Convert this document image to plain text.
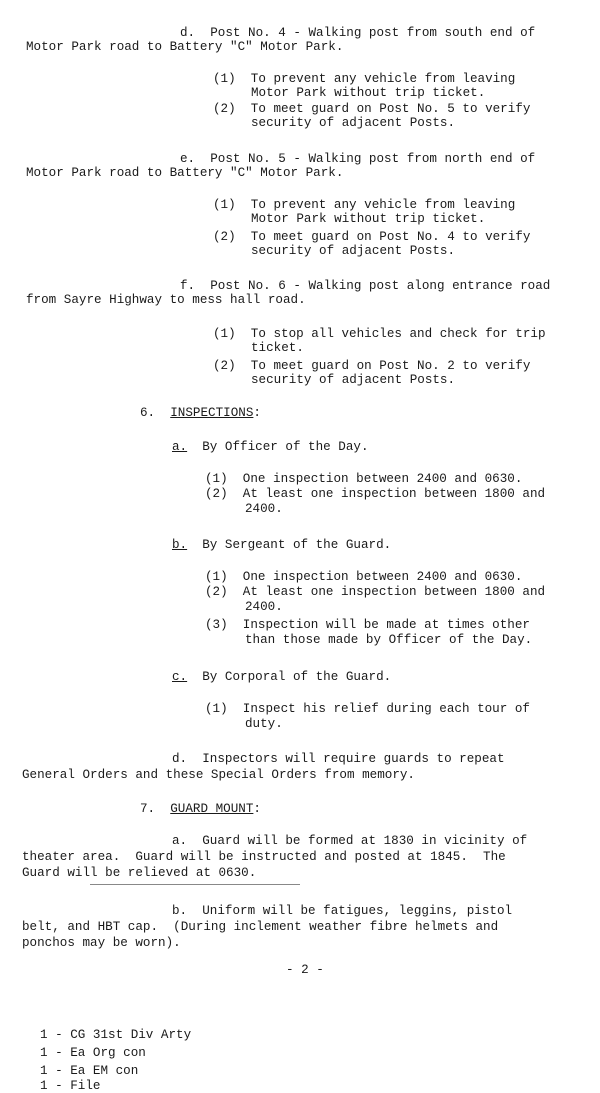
d.  Post No. 4 - Walking post from south end of
Motor Park road to Battery "C" Motor Park.
(1)  To prevent any vehicle from leaving
Motor Park without trip ticket.
(2)  To meet guard on Post No. 5 to verify
security of adjacent Posts.
e.  Post No. 5 - Walking post from north end of
Motor Park road to Battery "C" Motor Park.
(1)  To prevent any vehicle from leaving
Motor Park without trip ticket.
(2)  To meet guard on Post No. 4 to verify
security of adjacent Posts.
f.  Post No. 6 - Walking post along entrance road
from Sayre Highway to mess hall road.
(1)  To stop all vehicles and check for trip
ticket.
(2)  To meet guard on Post No. 2 to verify
security of adjacent Posts.
6. INSPECTIONS:
a. By Officer of the Day.
(1)  One inspection between 2400 and 0630.
(2)  At least one inspection between 1800 and
2400.
b. By Sergeant of the Guard.
(1)  One inspection between 2400 and 0630.
(2)  At least one inspection between 1800 and
2400.
(3)  Inspection will be made at times other
than those made by Officer of the Day.
c. By Corporal of the Guard.
(1)  Inspect his relief during each tour of
duty.
d.  Inspectors will require guards to repeat
General Orders and these Special Orders from memory.
7. GUARD MOUNT:
a.  Guard will be formed at 1830 in vicinity of
theater area.  Guard will be instructed and posted at 1845.  The
Guard will be relieved at 0630.
b.  Uniform will be fatigues, leggins, pistol
belt, and HBT cap.  (During inclement weather fibre helmets and
ponchos may be worn).
- 2 -
1 - CG 31st Div Arty
1 - Ea Org con
1 - Ea EM con
1 - File
